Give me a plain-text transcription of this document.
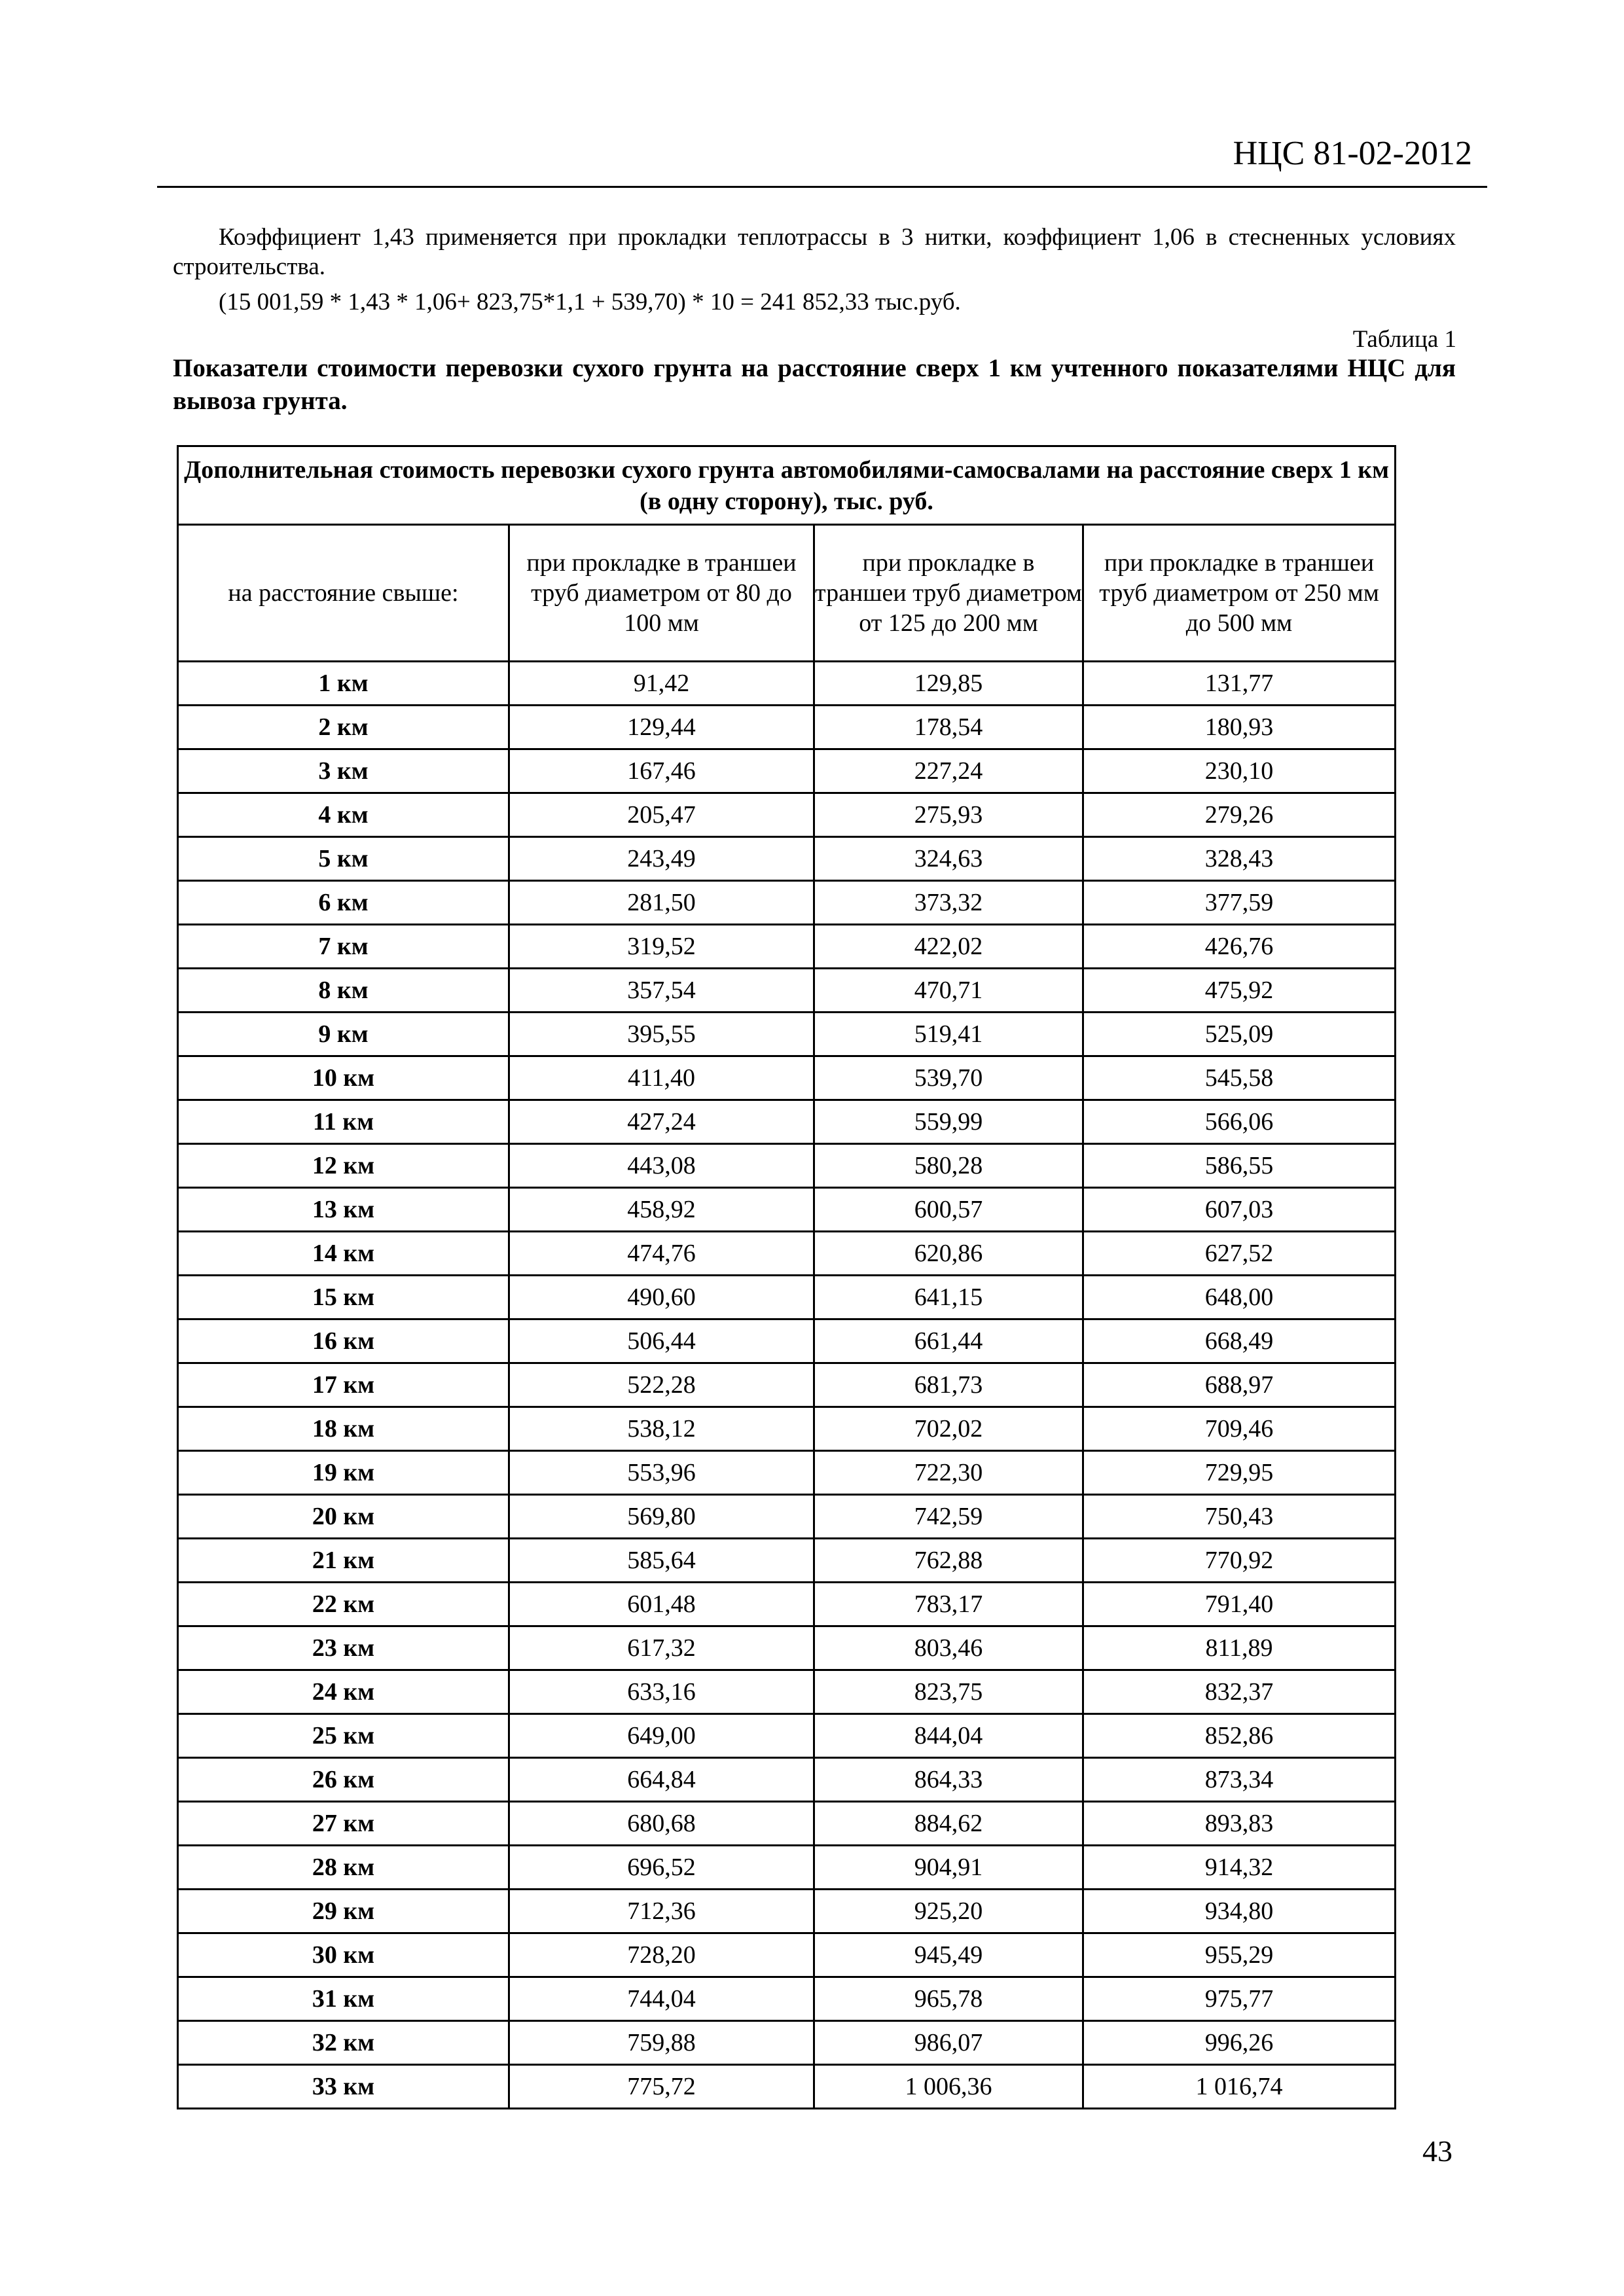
НЦС 81-02-2012
Коэффициент 1,43 применяется при прокладки теплотрассы в 3 нитки, коэффициент 1,06 в стесненных условиях строительства.
(15 001,59 * 1,43 * 1,06+ 823,75*1,1 + 539,70) * 10 = 241 852,33 тыс.руб.
Таблица 1
Показатели стоимости перевозки сухого грунта на расстояние сверх 1 км учтенного показателями НЦС для вывоза грунта.
Дополнительная стоимость перевозки сухого грунта автомобилями-самосвалами на расстояние сверх 1 км (в одну сторону), тыс. руб.			
на расстояние свыше:	при прокладке в траншеи труб диаметром от 80 до 100 мм	при прокладке в траншеи труб диаметром от 125 до 200 мм	при прокладке в траншеи труб диаметром от 250 мм до 500 мм
1 км	91,42	129,85	131,77
2 км	129,44	178,54	180,93
3 км	167,46	227,24	230,10
4 км	205,47	275,93	279,26
5 км	243,49	324,63	328,43
6 км	281,50	373,32	377,59
7 км	319,52	422,02	426,76
8 км	357,54	470,71	475,92
9 км	395,55	519,41	525,09
10 км	411,40	539,70	545,58
11 км	427,24	559,99	566,06
12 км	443,08	580,28	586,55
13 км	458,92	600,57	607,03
14 км	474,76	620,86	627,52
15 км	490,60	641,15	648,00
16 км	506,44	661,44	668,49
17 км	522,28	681,73	688,97
18 км	538,12	702,02	709,46
19 км	553,96	722,30	729,95
20 км	569,80	742,59	750,43
21 км	585,64	762,88	770,92
22 км	601,48	783,17	791,40
23 км	617,32	803,46	811,89
24 км	633,16	823,75	832,37
25 км	649,00	844,04	852,86
26 км	664,84	864,33	873,34
27 км	680,68	884,62	893,83
28 км	696,52	904,91	914,32
29 км	712,36	925,20	934,80
30 км	728,20	945,49	955,29
31 км	744,04	965,78	975,77
32 км	759,88	986,07	996,26
33 км	775,72	1 006,36	1 016,74
43
